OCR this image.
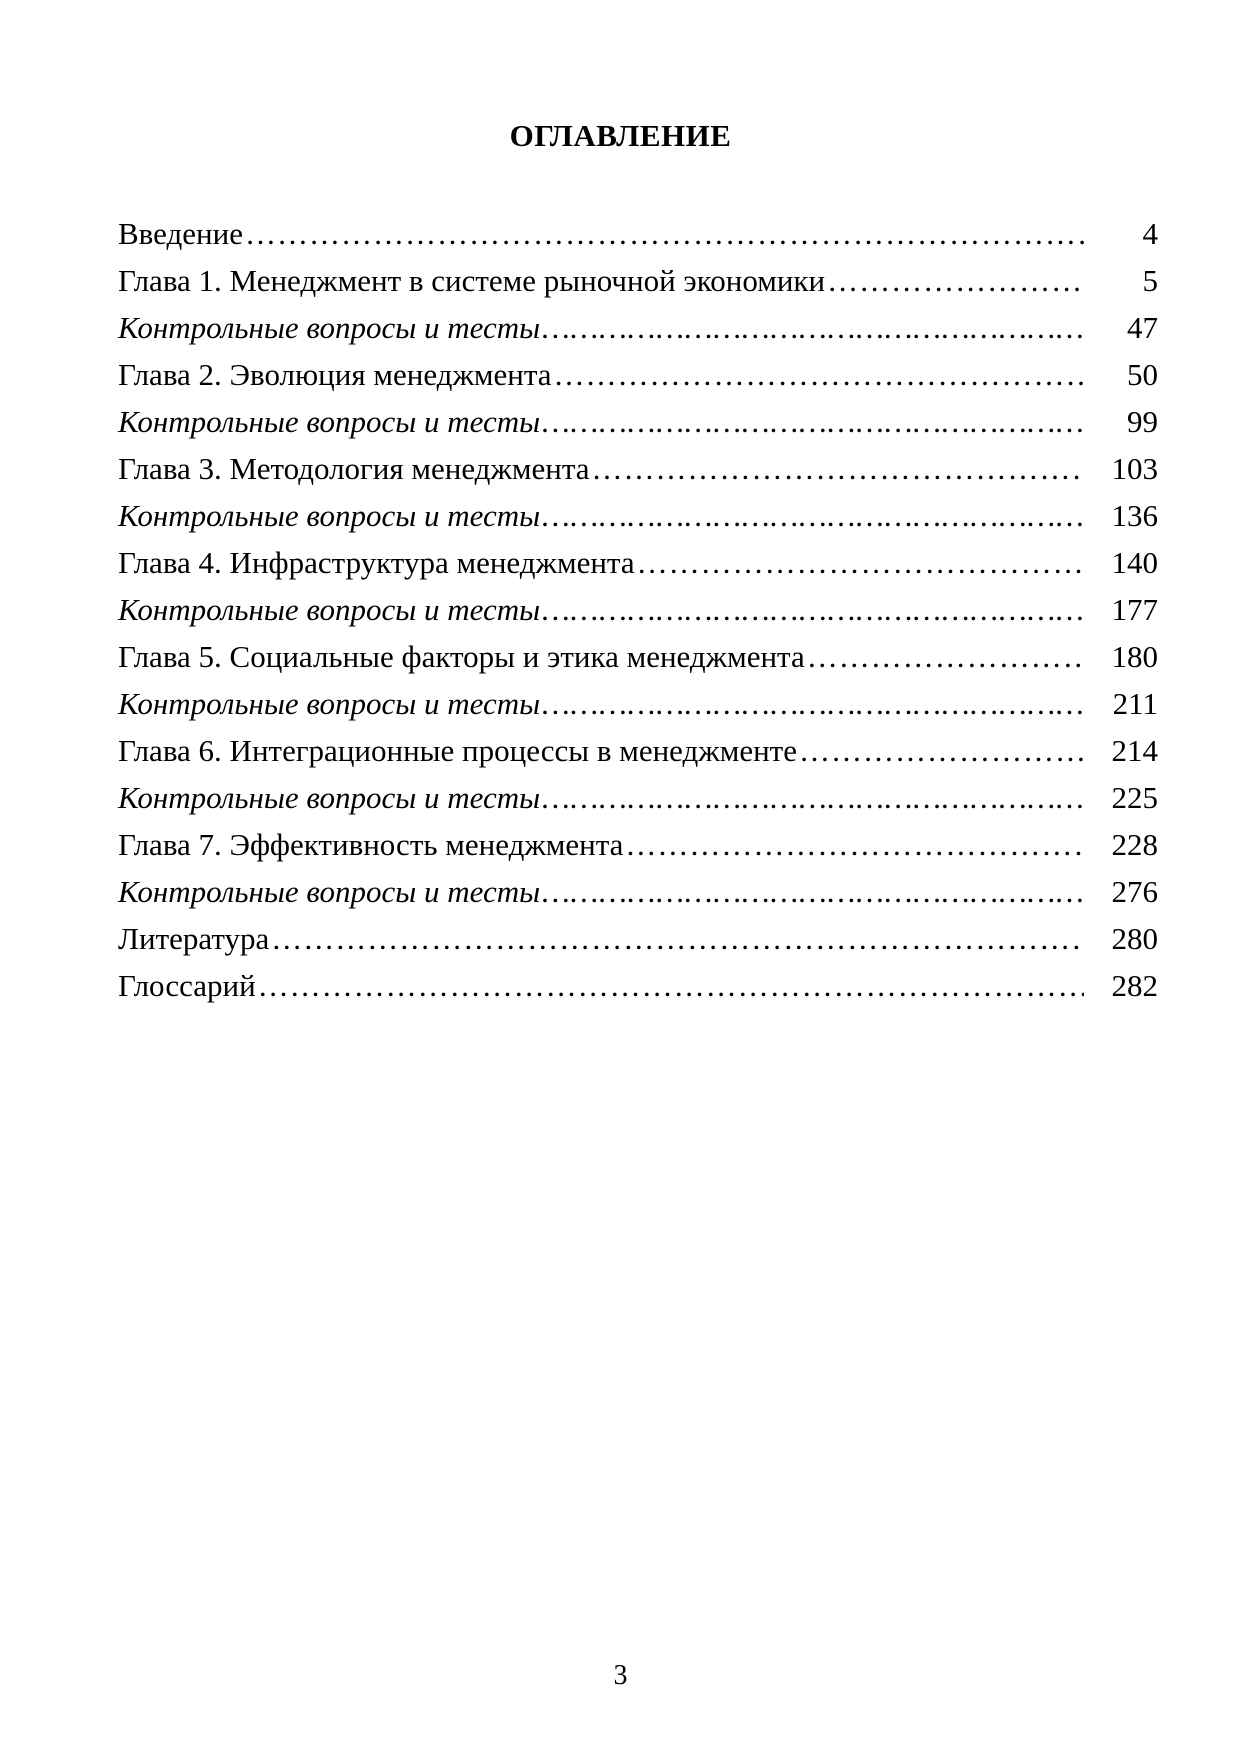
ОГЛАВЛЕНИЕ
Введение …………………………………………………………………………………………………………………………………………………………………………	4
Глава 1. Менеджмент в системе рыночной экономики …………………………………………………………………………………………………………………………………………………………………………	5
Контрольные вопросы и тесты …………………………………………………………………………………………………………………………………………………………………………	47
Глава 2. Эволюция менеджмента …………………………………………………………………………………………………………………………………………………………………………	50
Контрольные вопросы и тесты …………………………………………………………………………………………………………………………………………………………………………	99
Глава 3. Методология менеджмента …………………………………………………………………………………………………………………………………………………………………………	103
Контрольные вопросы и тесты …………………………………………………………………………………………………………………………………………………………………………	136
Глава 4. Инфраструктура менеджмента …………………………………………………………………………………………………………………………………………………………………………	140
Контрольные вопросы и тесты …………………………………………………………………………………………………………………………………………………………………………	177
Глава 5. Социальные факторы и этика менеджмента …………………………………………………………………………………………………………………………………………………………………………	180
Контрольные вопросы и тесты …………………………………………………………………………………………………………………………………………………………………………	211
Глава 6. Интеграционные процессы в менеджменте …………………………………………………………………………………………………………………………………………………………………………	214
Контрольные вопросы и тесты …………………………………………………………………………………………………………………………………………………………………………	225
Глава 7. Эффективность менеджмента …………………………………………………………………………………………………………………………………………………………………………	228
Контрольные вопросы и тесты …………………………………………………………………………………………………………………………………………………………………………	276
Литература …………………………………………………………………………………………………………………………………………………………………………	280
Глоссарий …………………………………………………………………………………………………………………………………………………………………………	282
3
